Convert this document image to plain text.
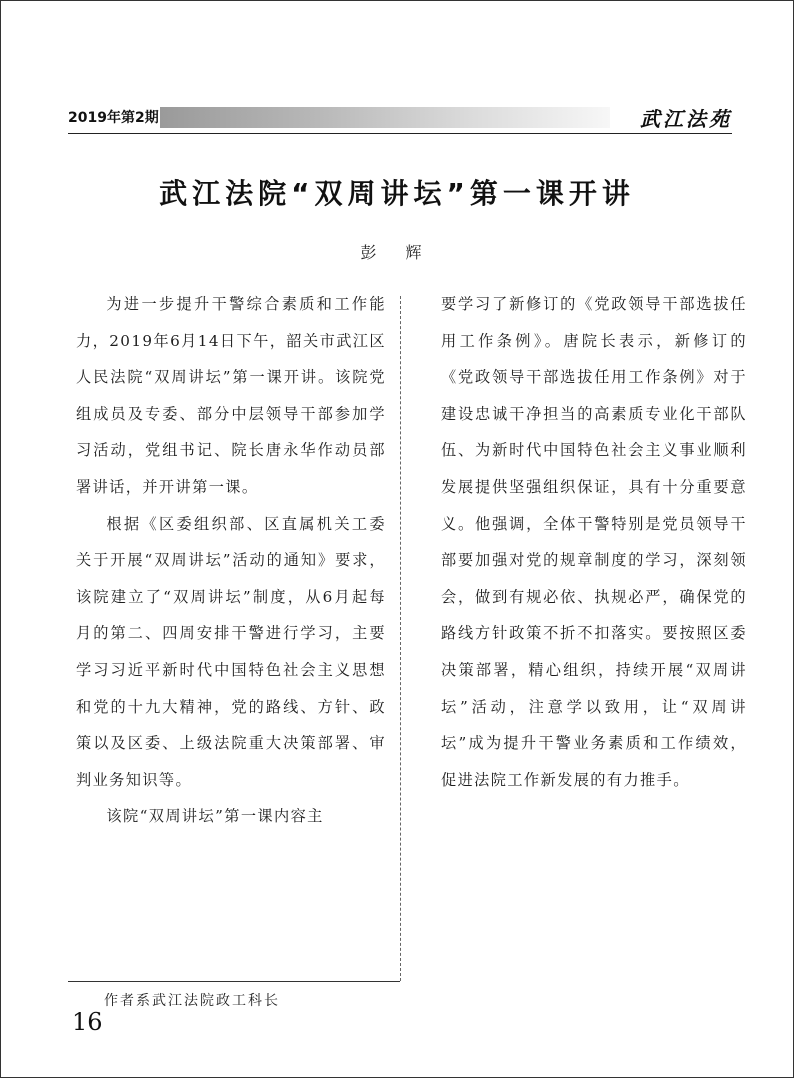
2019年第2期	武江法苑
武江法院“双周讲坛”第一课开讲
彭 辉

为进一步提升干警综合素质和工作能力，2019年6月14日下午，韶关市武江区人民法院“双周讲坛”第一课开讲。该院党组成员及专委、部分中层领导干部参加学习活动，党组书记、院长唐永华作动员部署讲话，并开讲第一课。

根据《区委组织部、区直属机关工委关于开展“双周讲坛”活动的通知》要求，该院建立了“双周讲坛”制度，从6月起每月的第二、四周安排干警进行学习，主要学习习近平新时代中国特色社会主义思想和党的十九大精神，党的路线、方针、政策以及区委、上级法院重大决策部署、审判业务知识等。

该院“双周讲坛”第一课内容主

要学习了新修订的《党政领导干部选拔任用工作条例》。唐院长表示，新修订的《党政领导干部选拔任用工作条例》对于建设忠诚干净担当的高素质专业化干部队伍、为新时代中国特色社会主义事业顺利发展提供坚强组织保证，具有十分重要意义。他强调，全体干警特别是党员领导干部要加强对党的规章制度的学习，深刻领会，做到有规必依、执规必严，确保党的路线方针政策不折不扣落实。要按照区委决策部署，精心组织，持续开展“双周讲坛”活动，注意学以致用，让“双周讲坛”成为提升干警业务素质和工作绩效，促进法院工作新发展的有力推手。

作者系武江法院政工科长
16
